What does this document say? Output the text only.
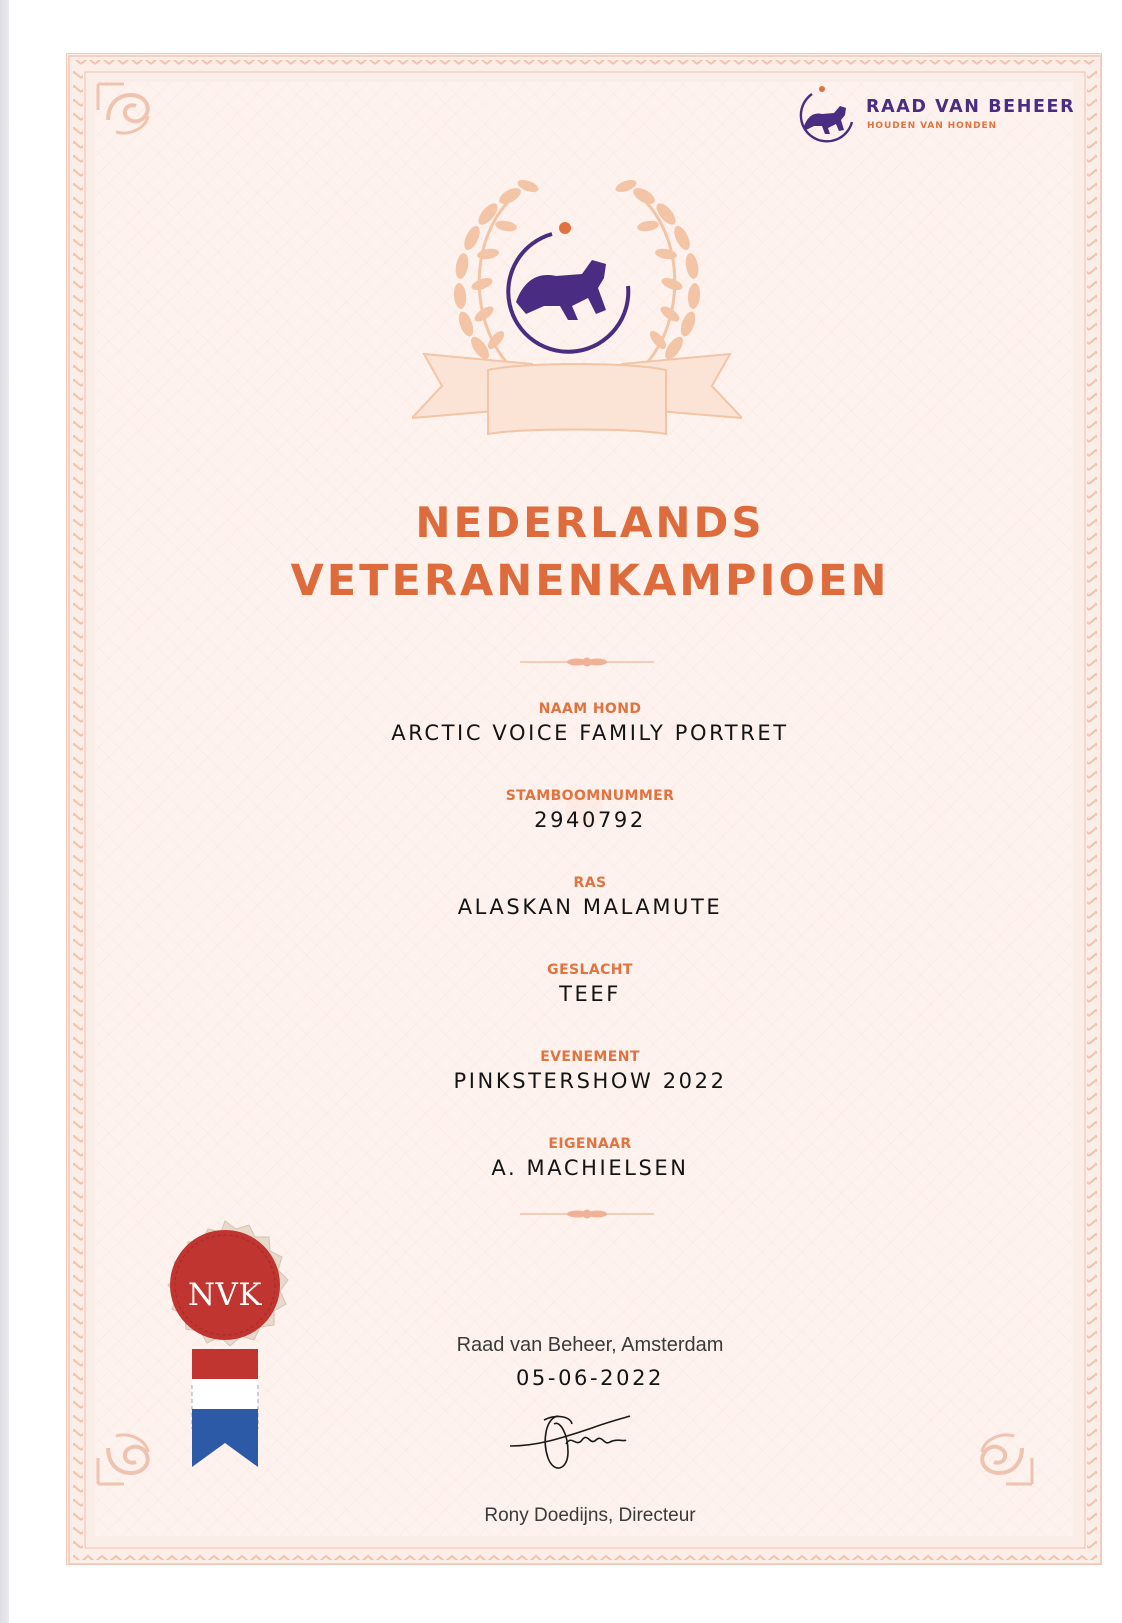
RAAD VAN BEHEER
HOUDEN VAN HONDEN
NEDERLANDS
VETERANENKAMPIOEN
NAAM HOND
ARCTIC VOICE FAMILY PORTRET
STAMBOOMNUMMER
2940792
RAS
ALASKAN MALAMUTE
GESLACHT
TEEF
EVENEMENT
PINKSTERSHOW 2022
EIGENAAR
A. MACHIELSEN
NVK
Raad van Beheer, Amsterdam
05-06-2022
Rony Doedijns, Directeur
